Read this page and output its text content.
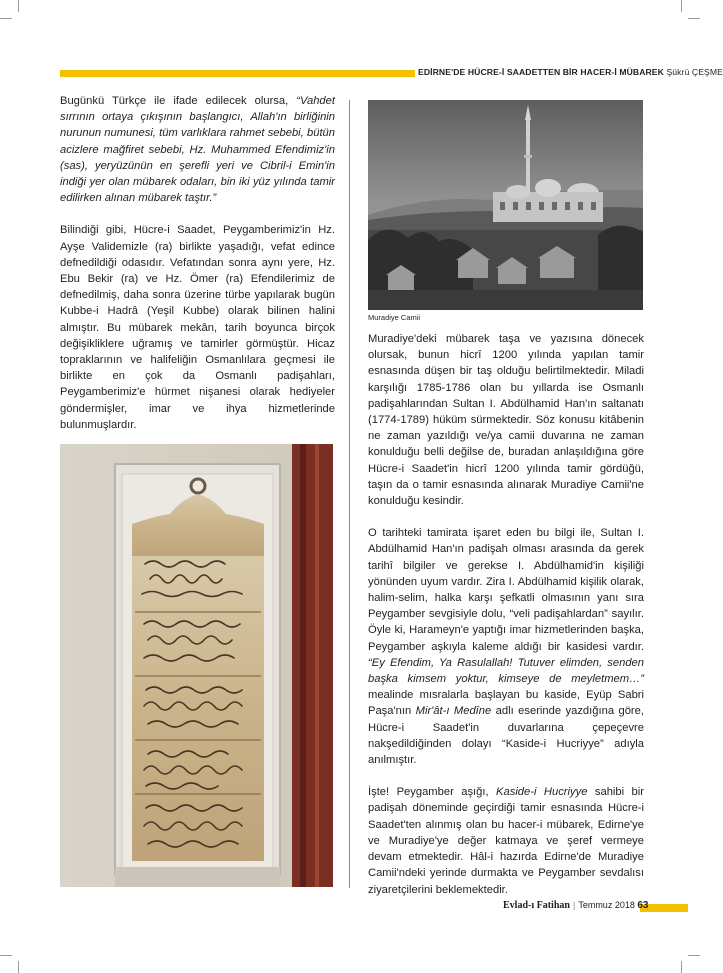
EDİRNE'DE HÜCRE-İ SAADETTEN BİR HACER-İ MÜBAREK Şükrü ÇEŞME

Bugünkü Türkçe ile ifade edilecek olursa, “Vahdet sırrının ortaya çıkışının başlangıcı, Allah'ın birliğinin nurunun numunesi, tüm varlıklara rahmet sebebi, bütün acizlere mağfiret sebebi, Hz. Muhammed Efendimiz'in (sas), yeryüzünün en şerefli yeri ve Cibril-i Emin'in indiği yer olan mübarek odaları, bin iki yüz yılında tamir edilirken alınan mübarek taştır.”

Bilindiği gibi, Hücre-i Saadet, Peygamberimiz'in Hz. Ayşe Validemizle (ra) birlikte yaşadığı, vefat edince defnedildiği odasıdır. Vefatından sonra aynı yere, Hz. Ebu Bekir (ra) ve Hz. Ömer (ra) Efendilerimiz de defnedilmiş, daha sonra üzerine türbe yapılarak bugün Kubbe-i Hadrâ (Yeşil Kubbe) olarak bilinen halini almıştır. Bu mübarek mekân, tarih boyunca birçok değişikliklere uğramış ve tamirler görmüştür. Hicaz topraklarının ve halifeliğin Osmanlılara geçmesi ile birlikte en çok da Osmanlı padişahları, Peygamberimiz'e hürmet nişanesi olarak hediyeler göndermişler, imar ve ihya hizmetlerinde bulunmuşlardır.

Muradiye Camii

Muradiye'deki mübarek taşa ve yazısına dönecek olursak, bunun hicrî 1200 yılında yapılan tamir esnasında düşen bir taş olduğu belirtilmektedir. Miladi karşılığı 1785-1786 olan bu yıllarda ise Osmanlı padişahlarından Sultan I. Abdülhamid Han'ın saltanatı (1774-1789) hüküm sürmektedir. Söz konusu kitâbenin ne zaman yazıldığı ve/ya camii duvarına ne zaman konulduğu belli değilse de, buradan anlaşıldığına göre Hücre-i Saadet'in hicrî 1200 yılında tamir gördüğü, taşın da o tamir esnasında alınarak Muradiye Camii'ne konulduğu kesindir.

O tarihteki tamirata işaret eden bu bilgi ile, Sultan I. Abdülhamid Han'ın padişah olması arasında da gerek tarihî bilgiler ve gerekse I. Abdülhamid'in kişiliği yönünden uyum vardır. Zira I. Abdülhamid kişilik olarak, halim-selim, halka karşı şefkatli olmasının yanı sıra Peygamber sevgisiyle dolu, “veli padişahlardan” sayılır. Öyle ki, Harameyn'e yaptığı imar hizmetlerinden başka, Peygamber aşkıyla kaleme aldığı bir kasidesi vardır. “Ey Efendim, Ya Rasulallah! Tutuver elimden, senden başka kimsem yoktur, kimseye de meyletmem…” mealinde mısralarla başlayan bu kaside, Eyüp Sabri Paşa'nın Mir'ât-ı Medîne adlı eserinde yazdığına göre, Hücre-i Saadet'in duvarlarına çepeçevre nakşedildiğinden dolayı “Kaside-i Hucriyye” adıyla anılmıştır.

İşte! Peygamber aşığı, Kaside-i Hucriyye sahibi bir padişah döneminde geçirdiği tamir esnasında Hücre-i Saadet'ten alınmış olan bu hacer-i mübarek, Edirne'ye ve Muradiye'ye değer katmaya ve şeref vermeye devam etmektedir. Hâl-i hazırda Edirne'de Muradiye Camii'ndeki yerinde durmakta ve Peygamber sevdalısı ziyaretçilerini beklemektedir.

Evlad-ı Fatihan | Temmuz 2018 63
